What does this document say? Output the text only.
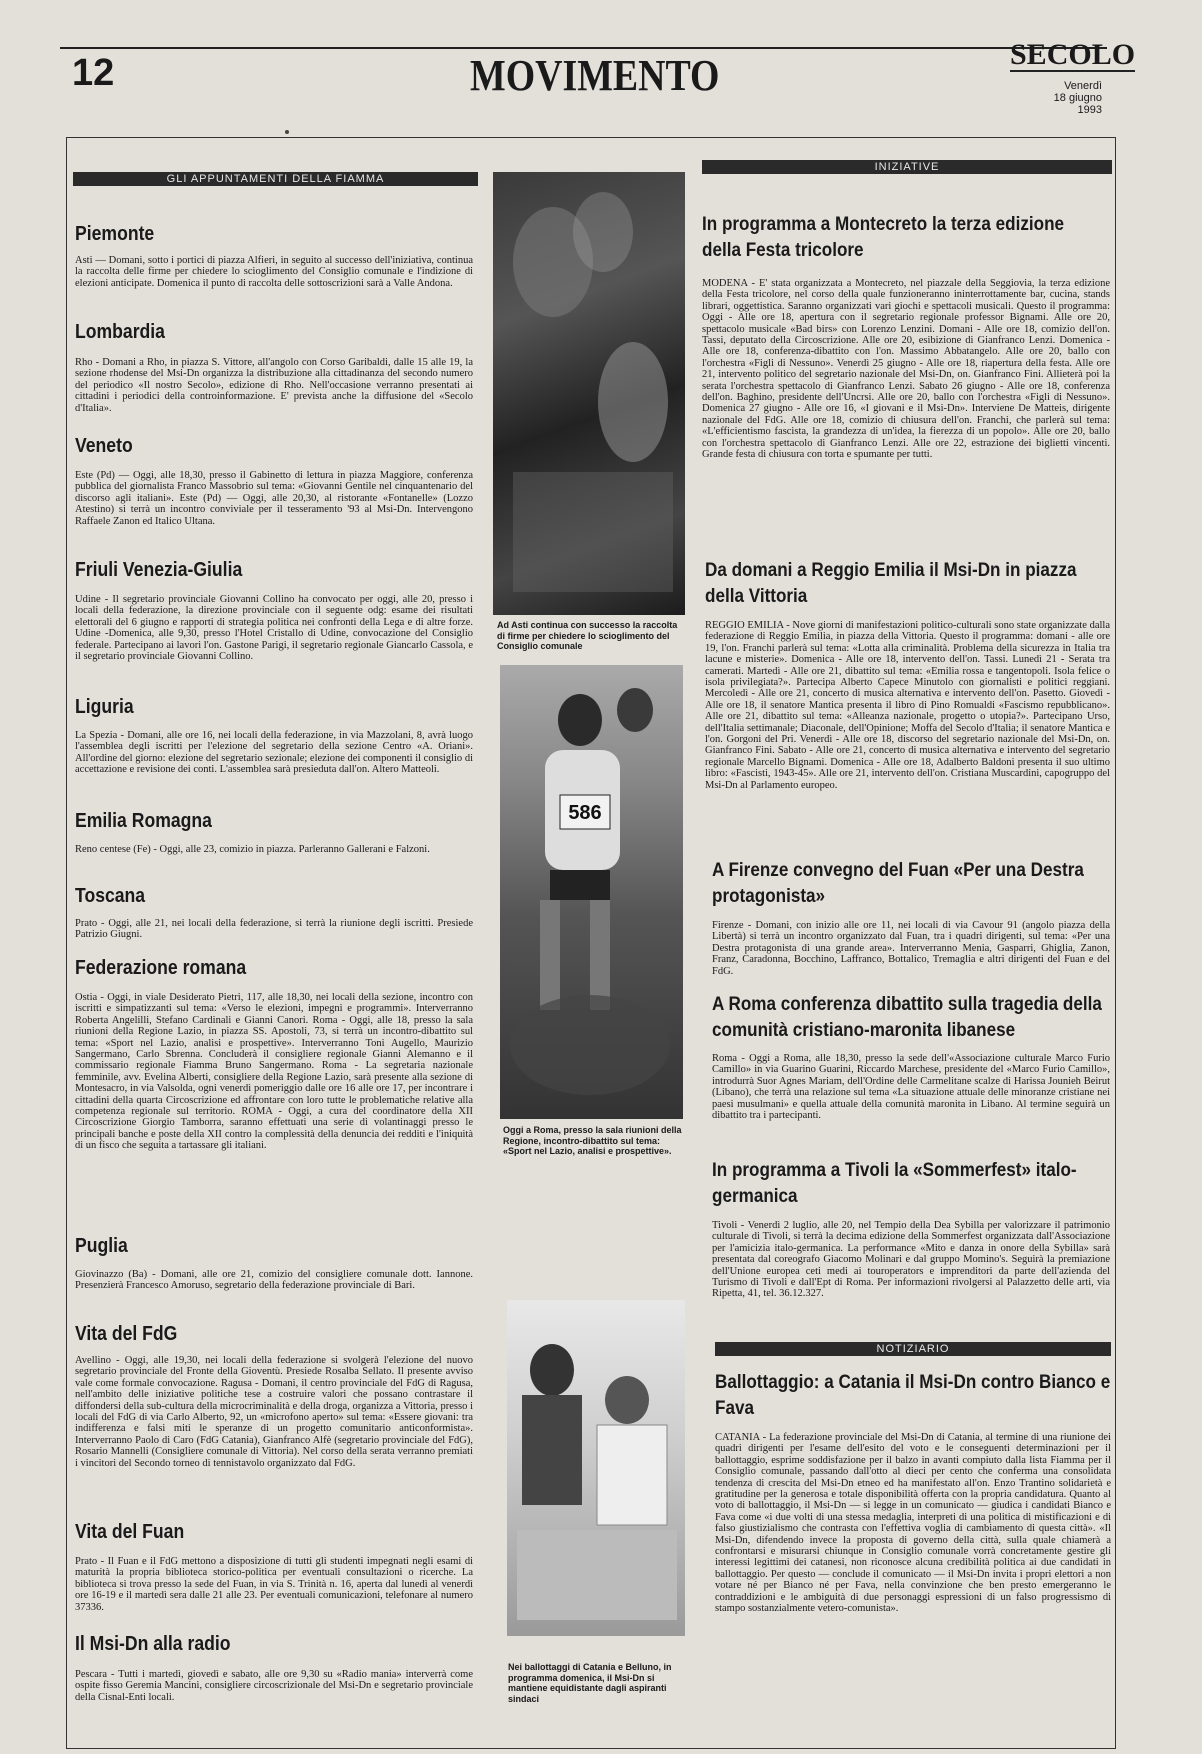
12	MOVIMENTO	SECOLO
Venerdì
18 giugno 1993
GLI APPUNTAMENTI DELLA FIAMMA
Piemonte
Asti — Domani, sotto i portici di piazza Alfieri, in seguito al successo dell'iniziativa, continua la raccolta delle firme per chiedere lo scioglimento del Consiglio comunale e l'indizione di elezioni anticipate. Domenica il punto di raccolta delle sottoscrizioni sarà a Valle Andona.
Lombardia
Rho - Domani a Rho, in piazza S. Vittore, all'angolo con Corso Garibaldi, dalle 15 alle 19, la sezione rhodense del Msi-Dn organizza la distribuzione alla cittadinanza del secondo numero del periodico «Il nostro Secolo», edizione di Rho. Nell'occasione verranno presentati ai cittadini i periodici della controinformazione. E' prevista anche la diffusione del «Secolo d'Italia».
Veneto
Este (Pd) — Oggi, alle 18,30, presso il Gabinetto di lettura in piazza Maggiore, conferenza pubblica del giornalista Franco Massobrio sul tema: «Giovanni Gentile nel cinquantenario del discorso agli italiani». Este (Pd) — Oggi, alle 20,30, al ristorante «Fontanelle» (Lozzo Atestino) si terrà un incontro conviviale per il tesseramento '93 al Msi-Dn. Intervengono Raffaele Zanon ed Italico Ultana.
Friuli Venezia-Giulia
Udine - Il segretario provinciale Giovanni Collino ha convocato per oggi, alle 20, presso i locali della federazione, la direzione provinciale con il seguente odg: esame dei risultati elettorali del 6 giugno e rapporti di strategia politica nei confronti della Lega e di altre forze. Udine -Domenica, alle 9,30, presso l'Hotel Cristallo di Udine, convocazione del Consiglio federale. Partecipano ai lavori l'on. Gastone Parigi, il segretario regionale Giancarlo Cassola, e il segretario provinciale Giovanni Collino.
Liguria
La Spezia - Domani, alle ore 16, nei locali della federazione, in via Mazzolani, 8, avrà luogo l'assemblea degli iscritti per l'elezione del segretario della sezione Centro «A. Oriani». All'ordine del giorno: elezione del segretario sezionale; elezione dei componenti il consiglio di accettazione e revisione dei conti. L'assemblea sarà presieduta dall'on. Altero Matteoli.
Emilia Romagna
Reno centese (Fe) - Oggi, alle 23, comizio in piazza. Parleranno Gallerani e Falzoni.
Toscana
Prato - Oggi, alle 21, nei locali della federazione, si terrà la riunione degli iscritti. Presiede Patrizio Giugni.
Federazione romana
Ostia - Oggi, in viale Desiderato Pietri, 117, alle 18,30, nei locali della sezione, incontro con iscritti e simpatizzanti sul tema: «Verso le elezioni, impegni e programmi». Interverranno Roberta Angelilli, Stefano Cardinali e Gianni Canori. Roma - Oggi, alle 18, presso la sala riunioni della Regione Lazio, in piazza SS. Apostoli, 73, si terrà un incontro-dibattito sul tema: «Sport nel Lazio, analisi e prospettive». Interverranno Toni Augello, Maurizio Sangermano, Carlo Sbrenna. Concluderà il consigliere regionale Gianni Alemanno e il commissario regionale Fiamma Bruno Sangermano. Roma - La segretaria nazionale femminile, avv. Evelina Alberti, consigliere della Regione Lazio, sarà presente alla sezione di Montesacro, in via Valsolda, ogni venerdì pomeriggio dalle ore 16 alle ore 17, per incontrare i cittadini della quarta Circoscrizione ed affrontare con loro tutte le problematiche relative alla competenza regionale sul territorio. ROMA - Oggi, a cura del coordinatore della XII Circoscrizione Giorgio Tamborra, saranno effettuati una serie di volantinaggi presso le principali banche e poste della XII contro la complessità della denuncia dei redditi e l'iniquità di un fisco che seguita a tartassare gli italiani.
Puglia
Giovinazzo (Ba) - Domani, alle ore 21, comizio del consigliere comunale dott. Iannone. Presenzierà Francesco Amoruso, segretario della federazione provinciale di Bari.
Vita del FdG
Avellino - Oggi, alle 19,30, nei locali della federazione si svolgerà l'elezione del nuovo segretario provinciale del Fronte della Gioventù. Presiede Rosalba Sellato. Il presente avviso vale come formale convocazione. Ragusa - Domani, il centro provinciale del FdG di Ragusa, nell'ambito delle iniziative politiche tese a costruire valori che possano contrastare il diffondersi della sub-cultura della microcriminalità e della droga, organizza a Vittoria, presso i locali del FdG di via Carlo Alberto, 92, un «microfono aperto» sul tema: «Essere giovani: tra indifferenza e falsi miti le speranze di un progetto comunitario anticonformista». Interverranno Paolo di Caro (FdG Catania), Gianfranco Alfè (segretario provinciale del FdG), Rosario Mannelli (Consigliere comunale di Vittoria). Nel corso della serata verranno premiati i vincitori del Secondo torneo di tennistavolo organizzato dal FdG.
Vita del Fuan
Prato - Il Fuan e il FdG mettono a disposizione di tutti gli studenti impegnati negli esami di maturità la propria biblioteca storico-politica per eventuali consultazioni o ricerche. La biblioteca si trova presso la sede del Fuan, in via S. Trinità n. 16, aperta dal lunedì al venerdì ore 16-19 e il martedì sera dalle 21 alle 23. Per eventuali comunicazioni, telefonare al numero 37336.
Il Msi-Dn alla radio
Pescara - Tutti i martedì, giovedì e sabato, alle ore 9,30 su «Radio mania» interverrà come ospite fisso Geremia Mancini, consigliere circoscrizionale del Msi-Dn e segretario provinciale della Cisnal-Enti locali.
Ad Asti continua con successo la raccolta di firme per chiedere lo scioglimento del Consiglio comunale
586
Oggi a Roma, presso la sala riunioni della Regione, incontro-dibattito sul tema: «Sport nel Lazio, analisi e prospettive».
Nei ballottaggi di Catania e Belluno, in programma domenica, il Msi-Dn si mantiene equidistante dagli aspiranti sindaci
INIZIATIVE
In programma a Montecreto la terza edizione della Festa tricolore
MODENA - E' stata organizzata a Montecreto, nel piazzale della Seggiovia, la terza edizione della Festa tricolore, nel corso della quale funzioneranno ininterrottamente bar, cucina, stands librari, oggettistica. Saranno organizzati vari giochi e spettacoli musicali. Questo il programma: Oggi - Alle ore 18, apertura con il segretario regionale professor Bignami. Alle ore 20, spettacolo musicale «Bad birs» con Lorenzo Lenzini. Domani - Alle ore 18, comizio dell'on. Tassi, deputato della Circoscrizione. Alle ore 20, esibizione di Gianfranco Lenzi. Domenica - Alle ore 18, conferenza-dibattito con l'on. Massimo Abbatangelo. Alle ore 20, ballo con l'orchestra «Figli di Nessuno». Venerdì 25 giugno - Alle ore 18, riapertura della festa. Alle ore 21, intervento politico del segretario nazionale del Msi-Dn, on. Gianfranco Fini. Allieterà poi la serata l'orchestra spettacolo di Gianfranco Lenzi. Sabato 26 giugno - Alle ore 18, conferenza dell'on. Baghino, presidente dell'Uncrsi. Alle ore 20, ballo con l'orchestra «Figli di Nessuno». Domenica 27 giugno - Alle ore 16, «I giovani e il Msi-Dn». Interviene De Matteis, dirigente nazionale del FdG. Alle ore 18, comizio di chiusura dell'on. Franchi, che parlerà sul tema: «L'efficientismo fascista, la grandezza di un'idea, la fierezza di un popolo». Alle ore 20, ballo con l'orchestra spettacolo di Gianfranco Lenzi. Alle ore 22, estrazione dei biglietti vincenti. Grande festa di chiusura con torta e spumante per tutti.
Da domani a Reggio Emilia il Msi-Dn in piazza della Vittoria
REGGIO EMILIA - Nove giorni di manifestazioni politico-culturali sono state organizzate dalla federazione di Reggio Emilia, in piazza della Vittoria. Questo il programma: domani - alle ore 19, l'on. Franchi parlerà sul tema: «Lotta alla criminalità. Problema della sicurezza in Italia tra lacune e misterie». Domenica - Alle ore 18, intervento dell'on. Tassi. Lunedì 21 - Serata tra camerati. Martedì - Alle ore 21, dibattito sul tema: «Emilia rossa e tangentopoli. Isola felice o isola privilegiata?». Partecipa Alberto Capece Minutolo con giornalisti e politici reggiani. Mercoledì - Alle ore 21, concerto di musica alternativa e intervento dell'on. Pasetto. Giovedì - Alle ore 18, il senatore Mantica presenta il libro di Pino Romualdi «Fascismo repubblicano». Alle ore 21, dibattito sul tema: «Alleanza nazionale, progetto o utopia?». Partecipano Urso, dell'Italia settimanale; Diaconale, dell'Opinione; Moffa del Secolo d'Italia; il senatore Mantica e l'on. Gorgoni del Pri. Venerdì - Alle ore 18, discorso del segretario nazionale del Msi-Dn, on. Gianfranco Fini. Sabato - Alle ore 21, concerto di musica alternativa e intervento del segretario regionale Marcello Bignami. Domenica - Alle ore 18, Adalberto Baldoni presenta il suo ultimo libro: «Fascisti, 1943-45». Alle ore 21, intervento dell'on. Cristiana Muscardini, capogruppo del Msi-Dn al Parlamento europeo.
A Firenze convegno del Fuan «Per una Destra protagonista»
Firenze - Domani, con inizio alle ore 11, nei locali di via Cavour 91 (angolo piazza della Libertà) si terrà un incontro organizzato dal Fuan, tra i quadri dirigenti, sul tema: «Per una Destra protagonista di una grande area». Interverranno Menia, Gasparri, Ghiglia, Zanon, Franz, Caradonna, Bocchino, Laffranco, Bottalico, Tremaglia e altri dirigenti del Fuan e del FdG.
A Roma conferenza dibattito sulla tragedia della comunità cristiano-maronita libanese
Roma - Oggi a Roma, alle 18,30, presso la sede dell'«Associazione culturale Marco Furio Camillo» in via Guarino Guarini, Riccardo Marchese, presidente del «Marco Furio Camillo», introdurrà Suor Agnes Mariam, dell'Ordine delle Carmelitane scalze di Harissa Jounieh Beirut (Libano), che terrà una relazione sul tema «La situazione attuale delle minoranze cristiane nei paesi musulmani» e quella attuale della comunità maronita in Libano. Al termine seguirà un dibattito tra i partecipanti.
In programma a Tivoli la «Sommerfest» italo-germanica
Tivoli - Venerdì 2 luglio, alle 20, nel Tempio della Dea Sybilla per valorizzare il patrimonio culturale di Tivoli, si terrà la decima edizione della Sommerfest organizzata dall'Associazione per l'amicizia italo-germanica. La performance «Mito e danza in onore della Sybilla» sarà presentata dal coreografo Giacomo Molinari e dal gruppo Momino's. Seguirà la premiazione dell'Unione europea ceti medi ai touroperators e imprenditori da parte dell'azienda del Turismo di Tivoli e dall'Ept di Roma. Per informazioni rivolgersi al Palazzetto delle arti, via Ripetta, 41, tel. 36.12.327.
NOTIZIARIO
Ballottaggio: a Catania il Msi-Dn contro Bianco e Fava
CATANIA - La federazione provinciale del Msi-Dn di Catania, al termine di una riunione dei quadri dirigenti per l'esame dell'esito del voto e le conseguenti determinazioni per il ballottaggio, esprime soddisfazione per il balzo in avanti compiuto dalla lista Fiamma per il Consiglio comunale, passando dall'otto al dieci per cento che conferma una consolidata tendenza di crescita del Msi-Dn etneo ed ha manifestato all'on. Enzo Trantino solidarietà e gratitudine per la generosa e totale disponibilità offerta con la propria candidatura. Quanto al voto di ballottaggio, il Msi-Dn — si legge in un comunicato — giudica i candidati Bianco e Fava come «i due volti di una stessa medaglia, interpreti di una politica di mistificazioni e di falso giustizialismo che contrasta con l'effettiva voglia di cambiamento di questa città». «Il Msi-Dn, difendendo invece la proposta di governo della città, sulla quale chiamerà a confrontarsi e misurarsi chiunque in Consiglio comunale vorrà concretamente gestire gli interessi legittimi dei catanesi, non riconosce alcuna credibilità politica ai due candidati in ballottaggio. Per questo — conclude il comunicato — il Msi-Dn invita i propri elettori a non votare né per Bianco né per Fava, nella convinzione che ben presto emergeranno le contraddizioni e le ambiguità di due personaggi espressioni di un falso progressismo di stampo sostanzialmente vetero-comunista».
